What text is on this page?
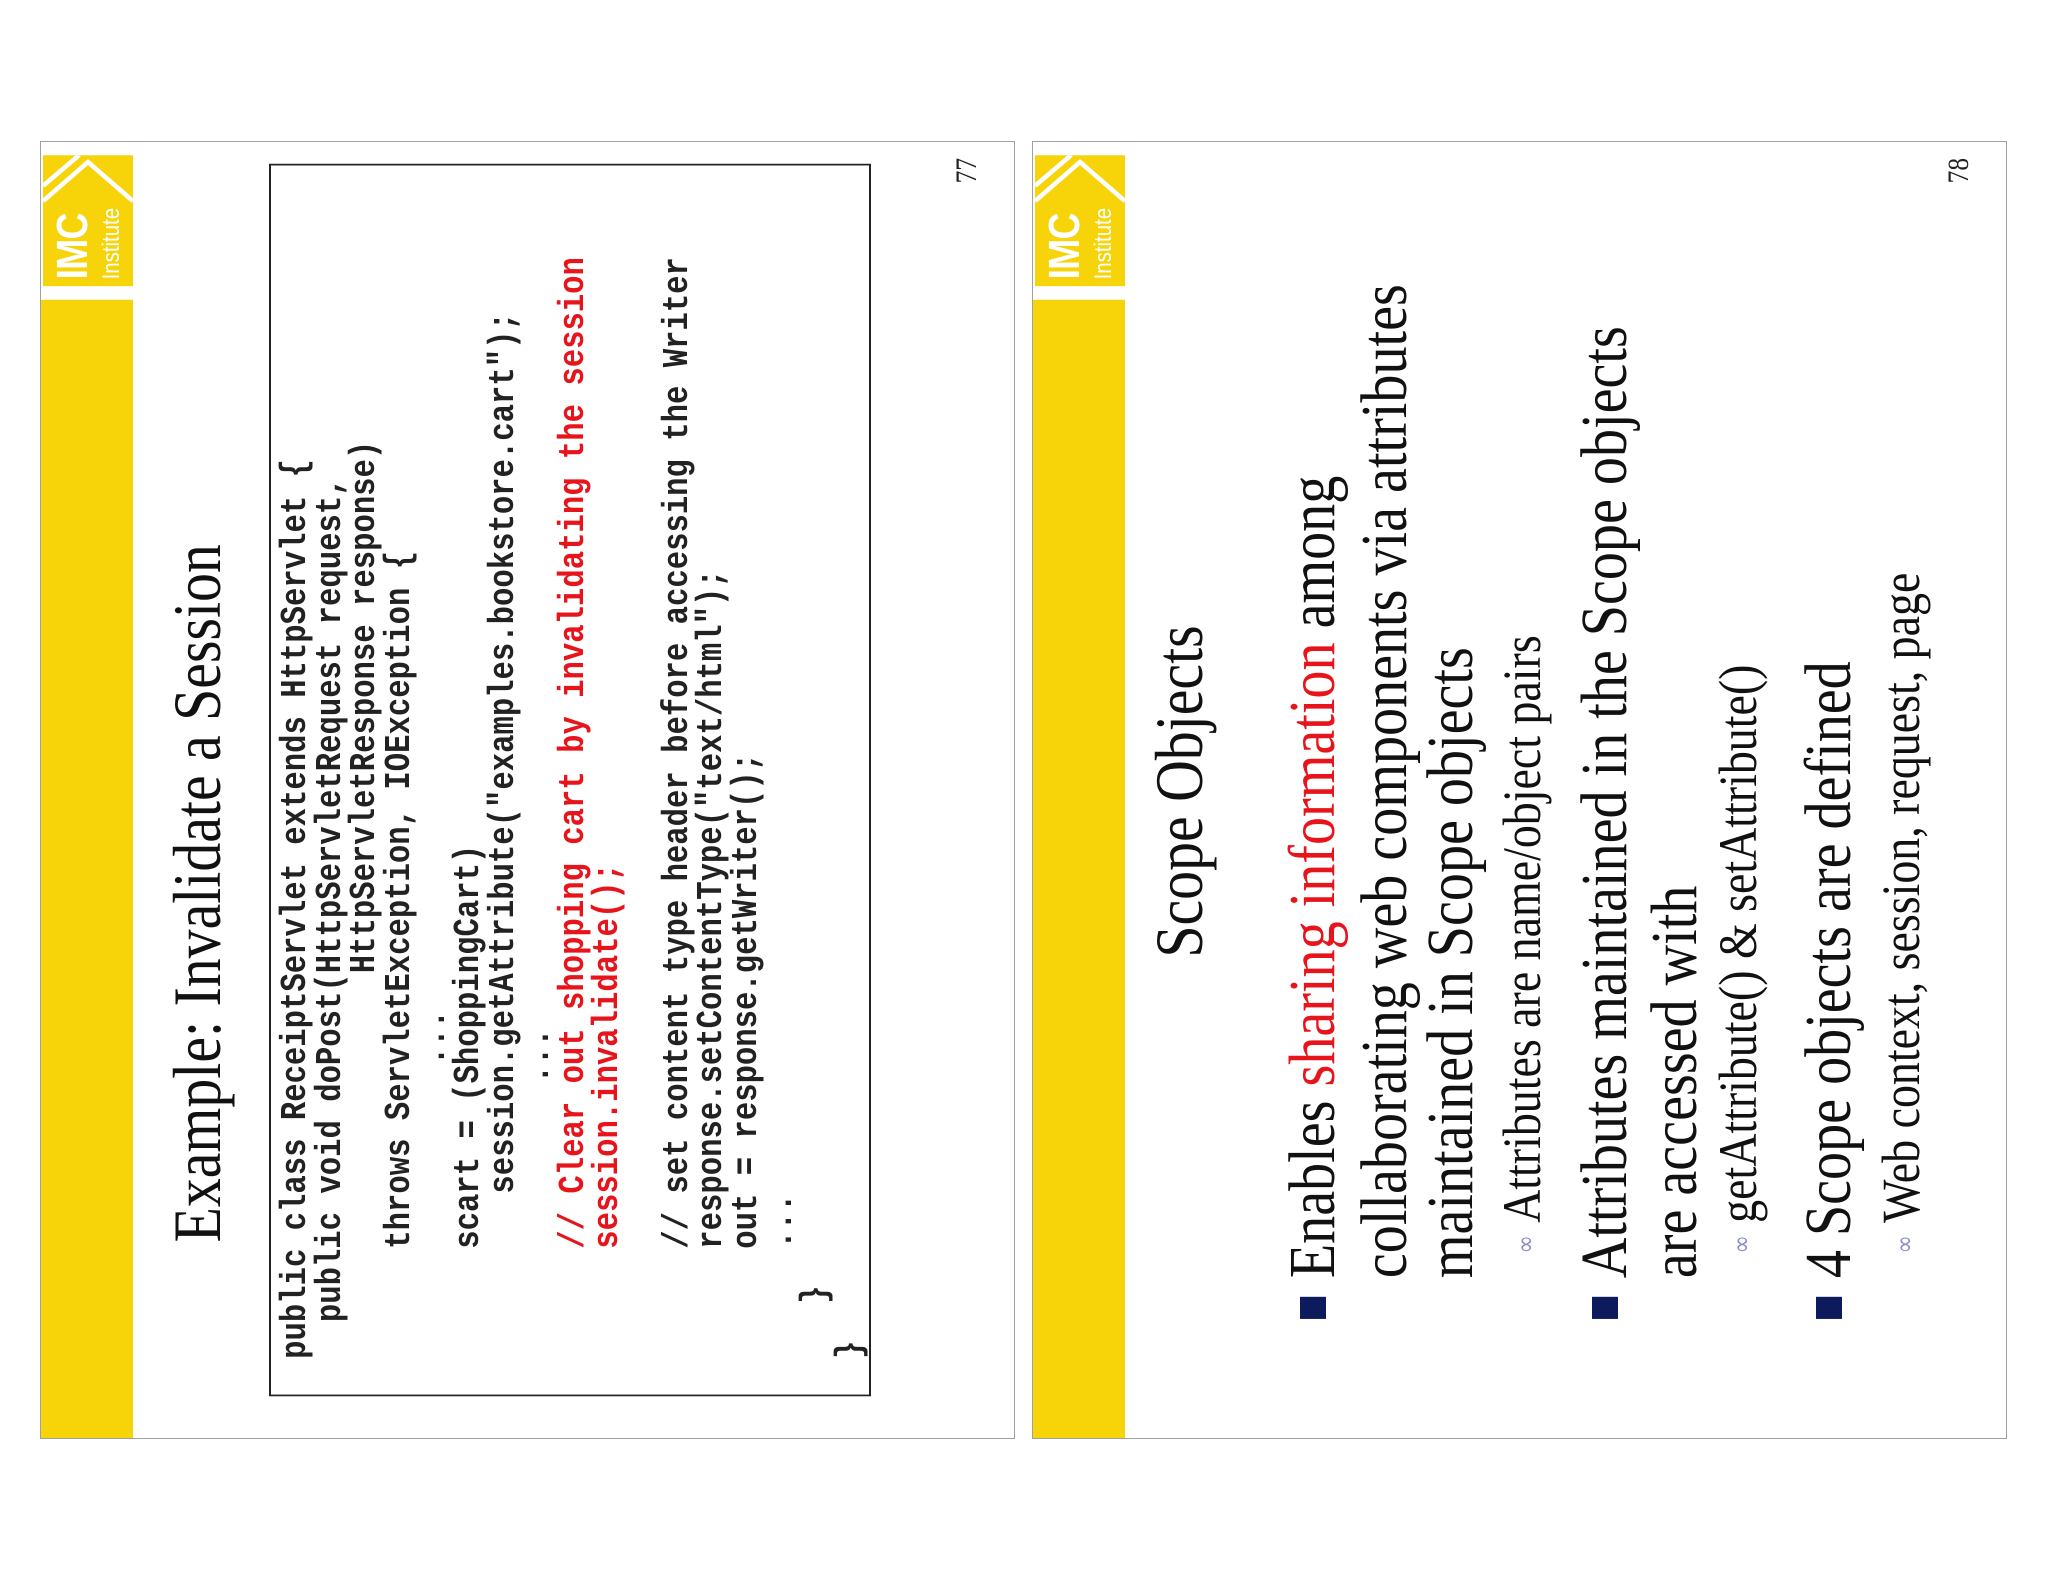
IMC Institute
Example: Invalidate a Session public class ReceiptServlet extends HttpServlet {
public void doPost(HttpServletRequest request,
HttpServletResponse response)
throws ServletException, IOException {
...
scart = (ShoppingCart)
session.getAttribute("examples.bookstore.cart");
...
// Clear out shopping cart by invalidating the session
session.invalidate(); // set content type header before accessing the Writer
response.setContentType("text/html");
out = response.getWriter();
...
}
}
77
IMC Institute
Scope Objects
Enables sharing information among collaborating web components via attributes
maintained in Scope objects ∞
Attributes are name/object pairs Attributes maintained in the Scope objects
are accessed with ∞
getAttribute() & setAttribute() 4 Scope objects are defined ∞
Web context, session, request, page
78
